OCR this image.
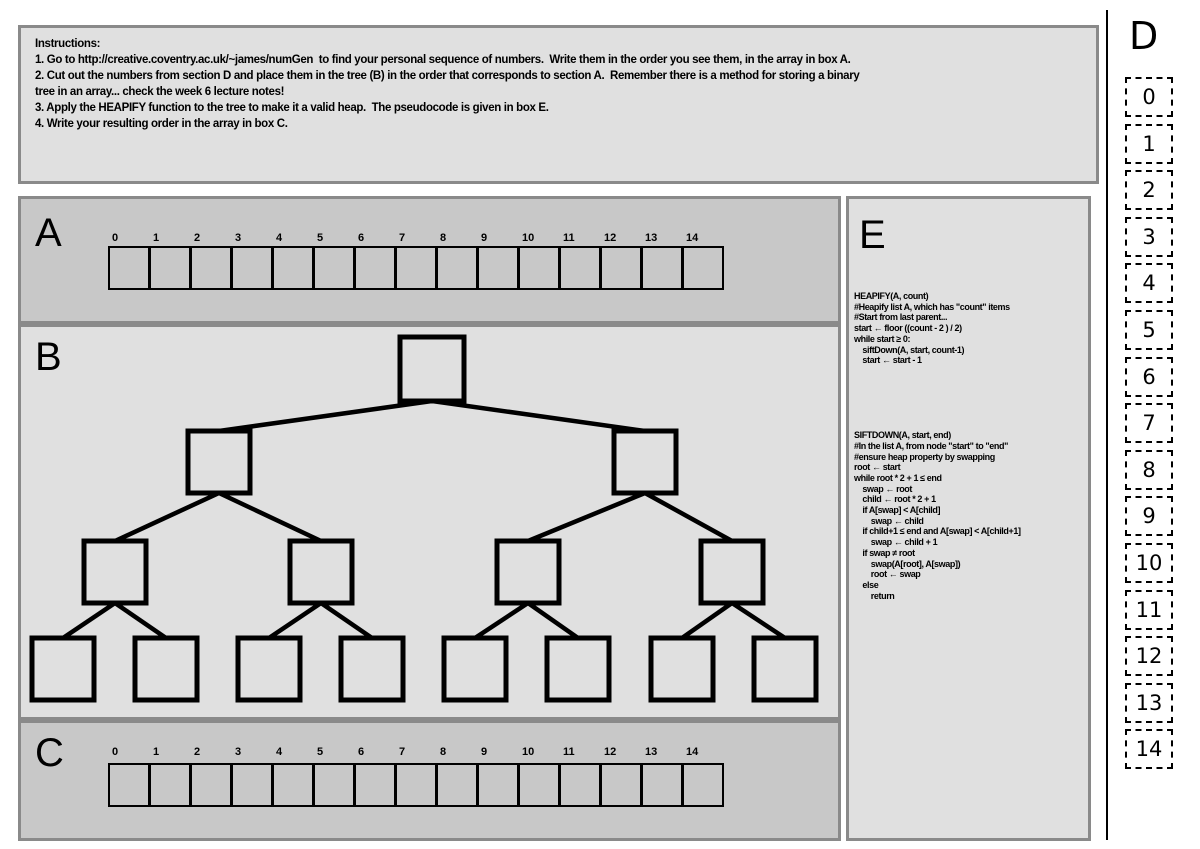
Instructions:
1. Go to http://creative.coventry.ac.uk/~james/numGen  to find your personal sequence of numbers.  Write them in the order you see them, in the array in box A.
2. Cut out the numbers from section D and place them in the tree (B) in the order that corresponds to section A.  Remember there is a method for storing a binary
tree in an array... check the week 6 lecture notes!
3. Apply the HEAPIFY function to the tree to make it a valid heap.  The pseudocode is given in box E.
4. Write your resulting order in the array in box C.
A	0	1	2	3	4	5	6	7	8	9	10	11	12	13	14
B
C	0	1	2	3	4	5	6	7	8	9	10	11	12	13	14
E
HEAPIFY(A, count)
#Heapify list A, which has "count" items
#Start from last parent...
start ← floor ((count - 2 ) / 2)
while start ≥ 0:
siftDown(A, start, count-1)
start ← start - 1
SIFTDOWN(A, start, end)
#In the list A, from node "start" to "end"
#ensure heap property by swapping
root ← start
while root * 2 + 1 ≤ end
swap ← root
child ← root * 2 + 1
if A[swap] < A[child]
swap ← child
if child+1 ≤ end and A[swap] < A[child+1]
swap ← child + 1
if swap ≠ root
swap(A[root], A[swap])
root ← swap
else
return
D
0
1
2
3
4
5
6
7
8
9
10
11
12
13
14
